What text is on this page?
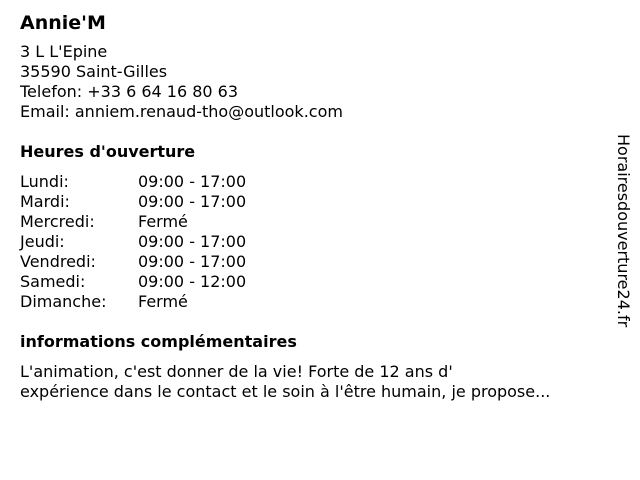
Annie'M
3 L L'Epine
35590 Saint-Gilles
Telefon: +33 6 64 16 80 63
Email: anniem.renaud-tho@outlook.com
Heures d'ouverture
Lundi:	09:00 - 17:00
Mardi:	09:00 - 17:00
Mercredi:	Fermé
Jeudi:	09:00 - 17:00
Vendredi:	09:00 - 17:00
Samedi:	09:00 - 12:00
Dimanche:	Fermé
informations complémentaires
L'animation, c'est donner de la vie! Forte de 12 ans d'
expérience dans le contact et le soin à l'être humain, je propose...
Horairesdouverture24.fr
